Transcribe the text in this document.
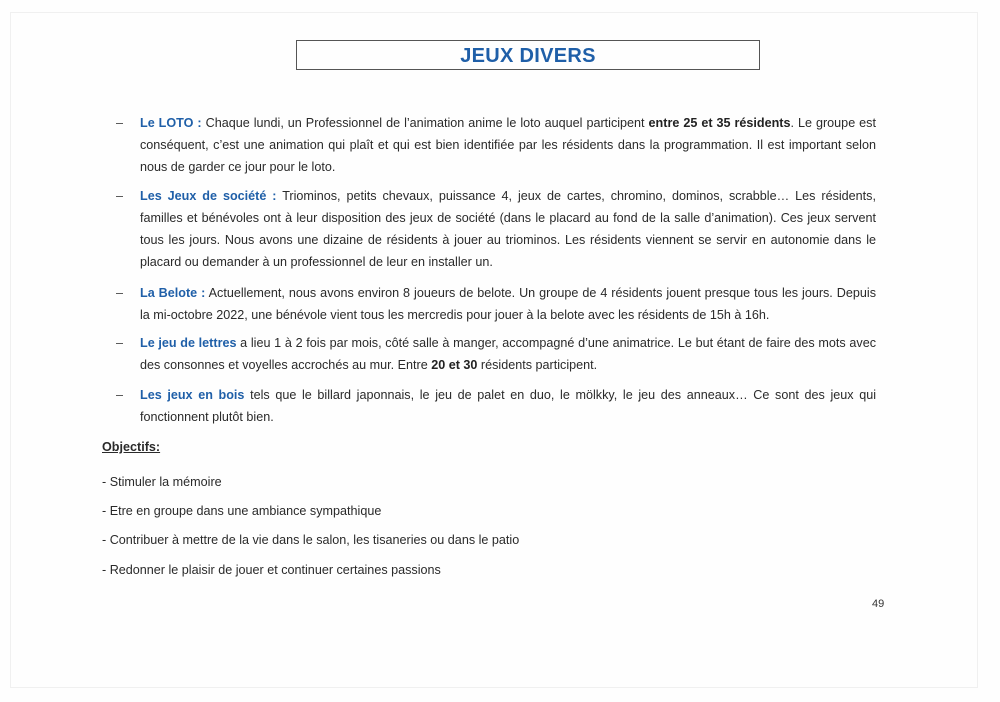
JEUX DIVERS
–	Le LOTO : Chaque lundi, un Professionnel de l’animation anime le loto auquel participent entre 25 et 35 résidents. Le groupe est conséquent, c’est une animation qui plaît et qui est bien identifiée par les résidents dans la programmation. Il est important selon nous de garder ce jour pour le loto.
–	Les Jeux de société : Triominos, petits chevaux, puissance 4, jeux de cartes, chromino, dominos, scrabble… Les résidents, familles et bénévoles ont à leur disposition des jeux de société (dans le placard au fond de la salle d’animation). Ces jeux servent tous les jours. Nous avons une dizaine de résidents à jouer au triominos. Les résidents viennent se servir en autonomie dans le placard ou demander à un professionnel de leur en installer un.
–	La Belote : Actuellement, nous avons environ 8 joueurs de belote. Un groupe de 4 résidents jouent presque tous les jours. Depuis la mi-octobre 2022, une bénévole vient tous les mercredis pour jouer à la belote avec les résidents de 15h à 16h.
–	Le jeu de lettres a lieu 1 à 2 fois par mois, côté salle à manger, accompagné d’une animatrice. Le but étant de faire des mots avec des consonnes et voyelles accrochés au mur. Entre 20 et 30 résidents participent.
–	Les jeux en bois tels que le billard japonnais, le jeu de palet en duo, le mölkky, le jeu des anneaux… Ce sont des jeux qui fonctionnent plutôt bien.
Objectifs:
- Stimuler la mémoire
- Etre en groupe dans une ambiance sympathique
- Contribuer à mettre de la vie dans le salon, les tisaneries ou dans le patio
- Redonner le plaisir de jouer et continuer certaines passions
49
